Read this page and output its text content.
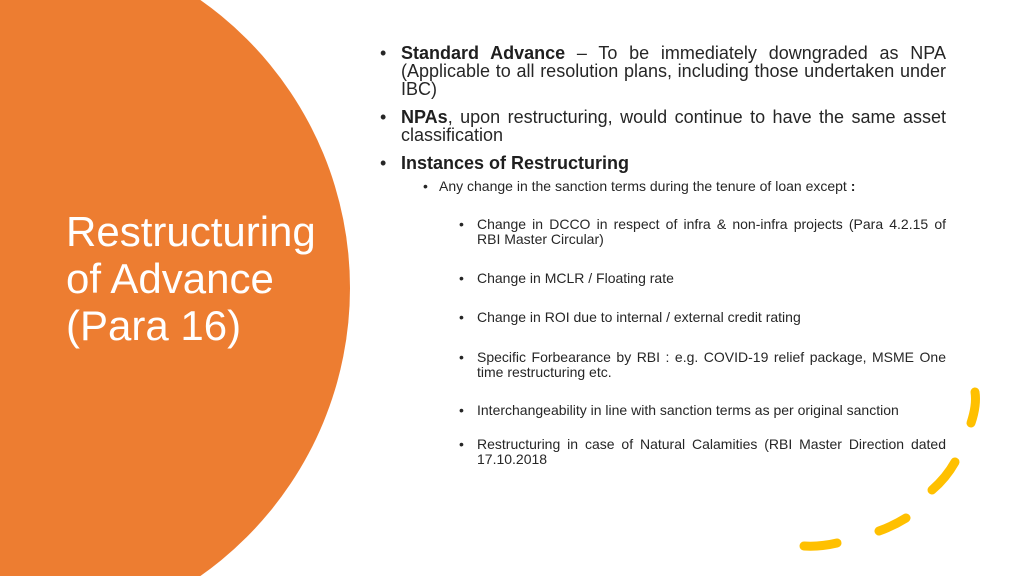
Restructuring
of Advance
(Para 16)
• Standard Advance – To be immediately downgraded as NPA (Applicable to all resolution plans, including those undertaken under IBC)
• NPAs, upon restructuring, would continue to have the same asset classification
• Instances of Restructuring
• Any change in the sanction terms during the tenure of loan except :
• Change in DCCO in respect of infra & non-infra projects (Para 4.2.15 of RBI Master Circular)
• Change in MCLR / Floating rate
• Change in ROI due to internal / external credit rating
• Specific Forbearance by RBI : e.g. COVID-19 relief package, MSME One time restructuring etc.
• Interchangeability in line with sanction terms as per original sanction
• Restructuring in case of Natural Calamities (RBI Master Direction dated 17.10.2018
